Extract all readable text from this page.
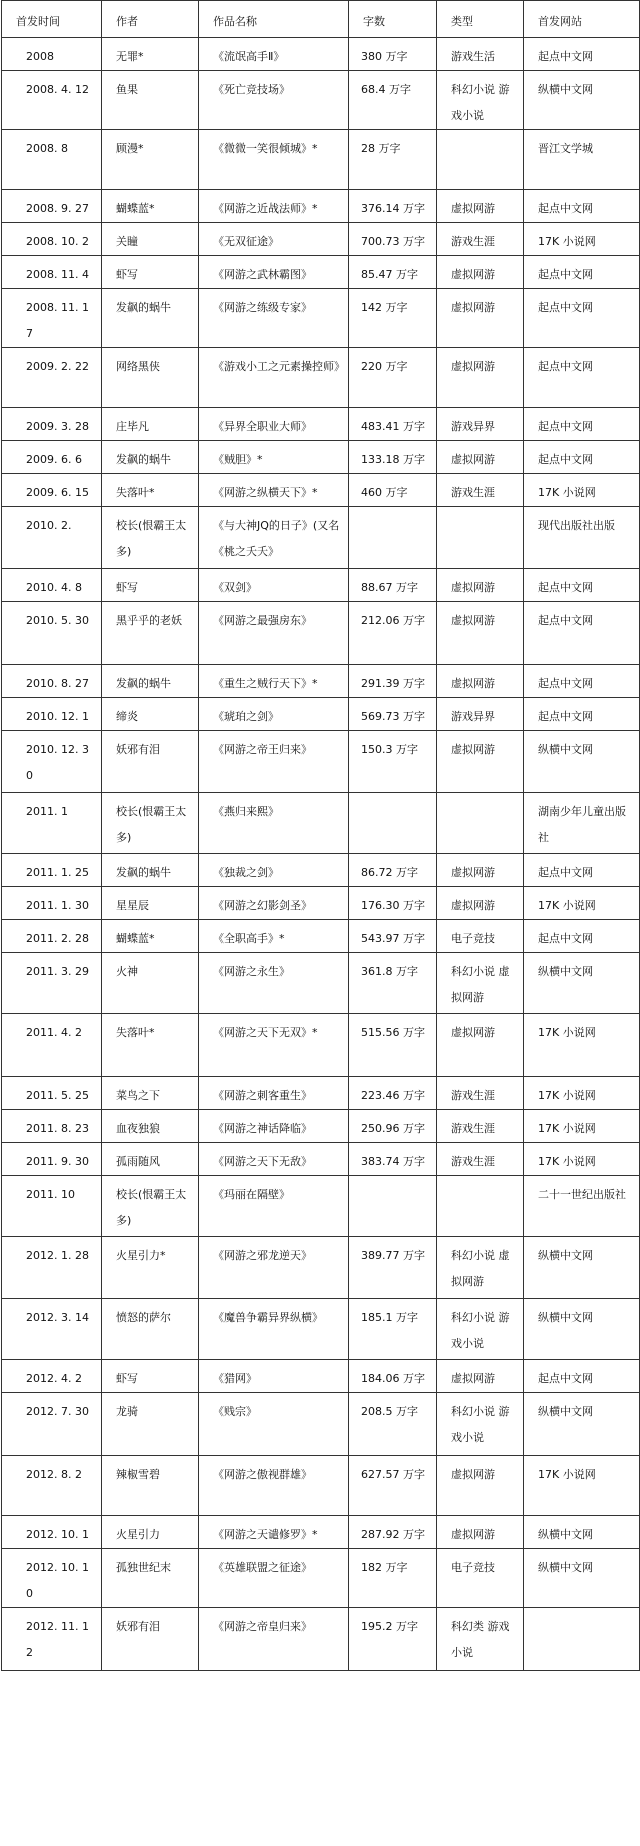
首发时间	作者	作品名称	字数	类型	首发网站
2008	无罪*	《流氓高手Ⅱ》	380 万字	游戏生活	起点中文网
2008. 4. 12	鱼果	《死亡竞技场》	68.4 万字	科幻小说 游戏小说	纵横中文网
2008. 8	顾漫*	《微微一笑很倾城》*	28 万字		晋江文学城
2008. 9. 27	蝴蝶蓝*	《网游之近战法师》*	376.14 万字	虚拟网游	起点中文网
2008. 10. 2	关瞳	《无双征途》	700.73 万字	游戏生涯	17K 小说网
2008. 11. 4	虾写	《网游之武林霸图》	85.47 万字	虚拟网游	起点中文网
2008. 11. 17	发飙的蜗牛	《网游之练级专家》	142 万字	虚拟网游	起点中文网
2009. 2. 22	网络黑侠	《游戏小工之元素操控师》	220 万字	虚拟网游	起点中文网
2009. 3. 28	庄毕凡	《异界全职业大师》	483.41 万字	游戏异界	起点中文网
2009. 6. 6	发飙的蜗牛	《贼胆》*	133.18 万字	虚拟网游	起点中文网
2009. 6. 15	失落叶*	《网游之纵横天下》*	460 万字	游戏生涯	17K 小说网
2010. 2.	校长(恨霸王太多)	《与大神JQ的日子》(又名《桃之夭夭》			现代出版社出版
2010. 4. 8	虾写	《双剑》	88.67 万字	虚拟网游	起点中文网
2010. 5. 30	黑乎乎的老妖	《网游之最强房东》	212.06 万字	虚拟网游	起点中文网
2010. 8. 27	发飙的蜗牛	《重生之贼行天下》*	291.39 万字	虚拟网游	起点中文网
2010. 12. 1	缔炎	《琥珀之剑》	569.73 万字	游戏异界	起点中文网
2010. 12. 30	妖邪有泪	《网游之帝王归来》	150.3 万字	虚拟网游	纵横中文网
2011. 1	校长(恨霸王太多)	《燕归来熙》			湖南少年儿童出版社
2011. 1. 25	发飙的蜗牛	《独裁之剑》	86.72 万字	虚拟网游	起点中文网
2011. 1. 30	星星辰	《网游之幻影剑圣》	176.30 万字	虚拟网游	17K 小说网
2011. 2. 28	蝴蝶蓝*	《全职高手》*	543.97 万字	电子竞技	起点中文网
2011. 3. 29	火神	《网游之永生》	361.8 万字	科幻小说 虚拟网游	纵横中文网
2011. 4. 2	失落叶*	《网游之天下无双》*	515.56 万字	虚拟网游	17K 小说网
2011. 5. 25	菜鸟之下	《网游之刺客重生》	223.46 万字	游戏生涯	17K 小说网
2011. 8. 23	血夜独狼	《网游之神话降临》	250.96 万字	游戏生涯	17K 小说网
2011. 9. 30	孤雨随风	《网游之天下无敌》	383.74 万字	游戏生涯	17K 小说网
2011. 10	校长(恨霸王太多)	《玛丽在隔壁》			二十一世纪出版社
2012. 1. 28	火星引力*	《网游之邪龙逆天》	389.77 万字	科幻小说 虚拟网游	纵横中文网
2012. 3. 14	愤怒的萨尔	《魔兽争霸异界纵横》	185.1 万字	科幻小说 游戏小说	纵横中文网
2012. 4. 2	虾写	《猎网》	184.06 万字	虚拟网游	起点中文网
2012. 7. 30	龙骑	《贱宗》	208.5 万字	科幻小说 游戏小说	纵横中文网
2012. 8. 2	辣椒雪碧	《网游之傲视群雄》	627.57 万字	虚拟网游	17K 小说网
2012. 10. 1	火星引力	《网游之天谴修罗》*	287.92 万字	虚拟网游	纵横中文网
2012. 10. 10	孤独世纪末	《英雄联盟之征途》	182 万字	电子竞技	纵横中文网
2012. 11. 12	妖邪有泪	《网游之帝皇归来》	195.2 万字	科幻类 游戏小说	
